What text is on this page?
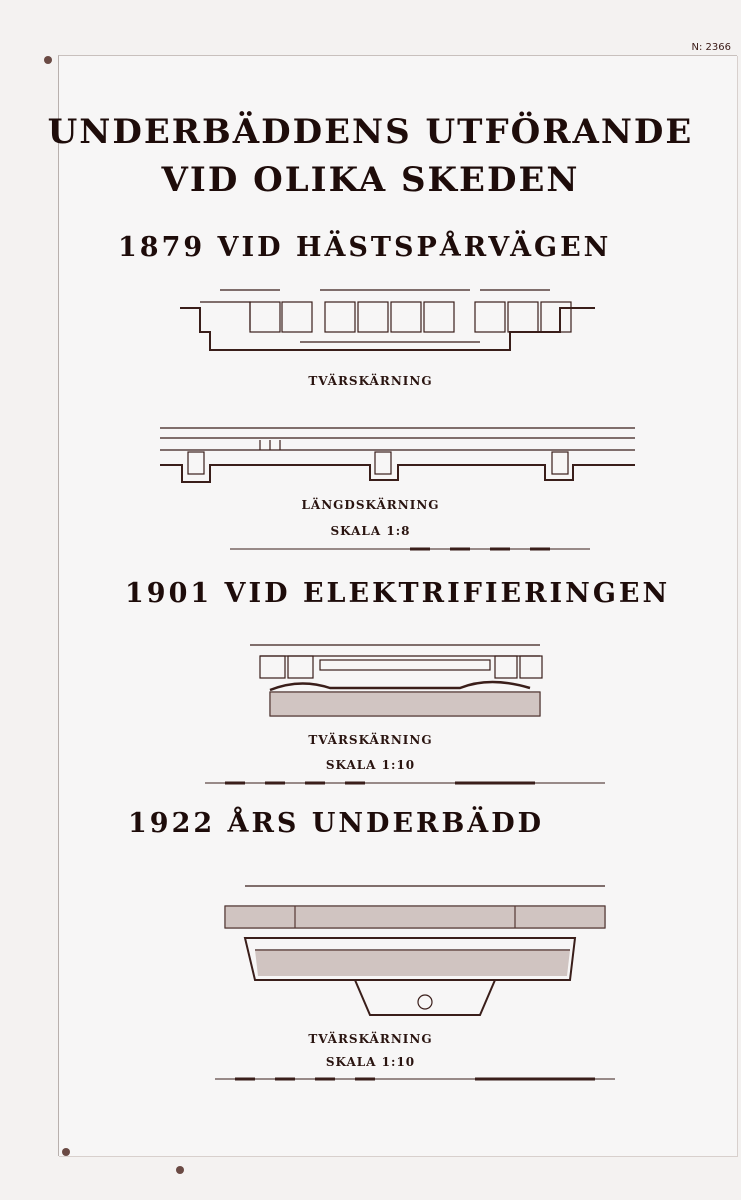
N: 2366
UNDERBÄDDENS UTFÖRANDE
VID OLIKA SKEDEN
1879 VID HÄSTSPÅRVÄGEN
TVÄRSKÄRNING
LÄNGDSKÄRNING
SKALA 1:8
1901 VID ELEKTRIFIERINGEN
TVÄRSKÄRNING
SKALA 1:10
1922 ÅRS UNDERBÄDD
TVÄRSKÄRNING
SKALA 1:10
